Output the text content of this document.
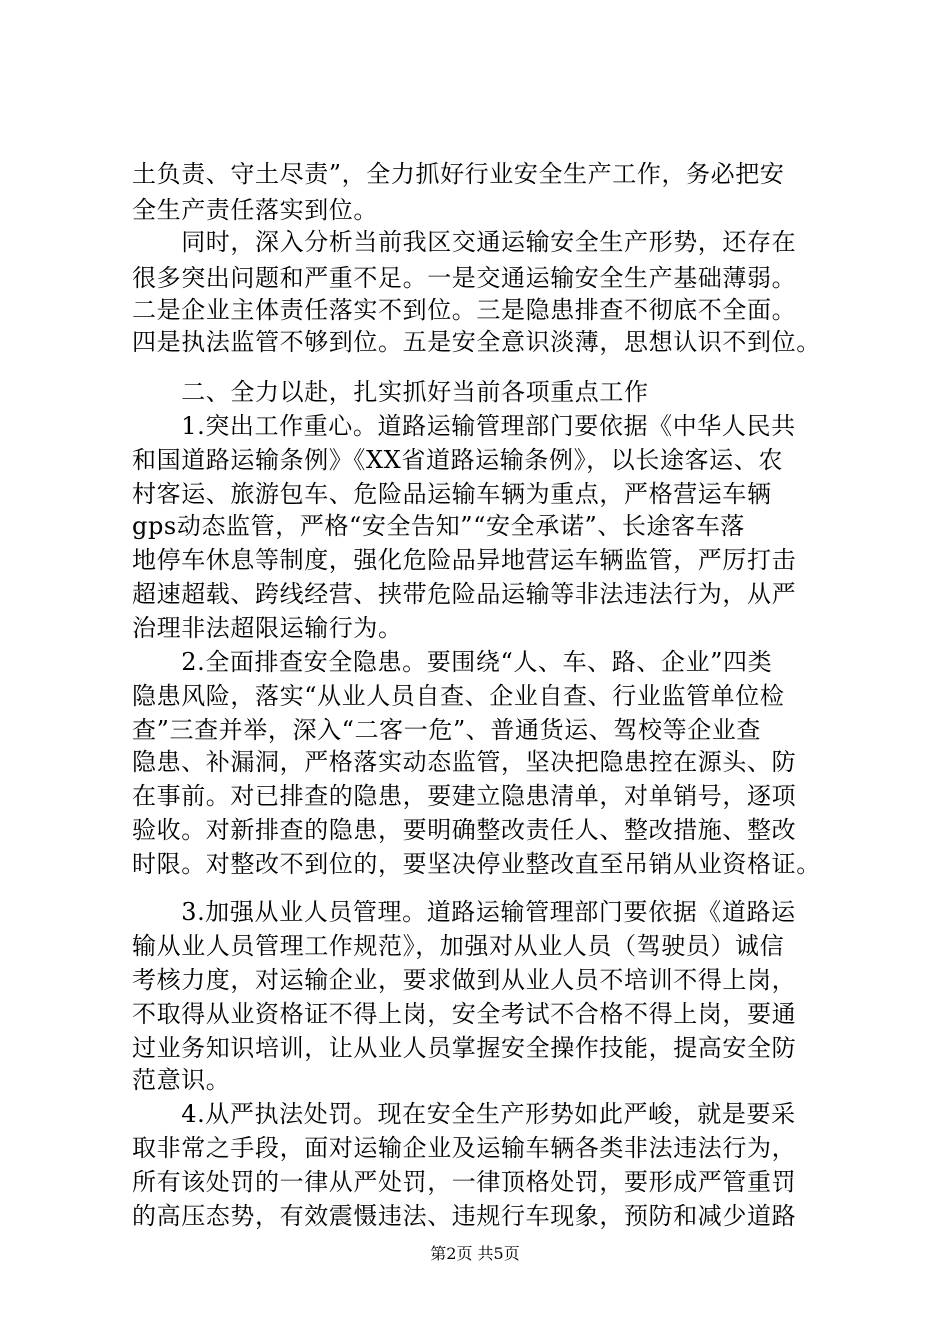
土负责、守土尽责”，全力抓好行业安全生产工作，务必把安
全生产责任落实到位。
　　同时，深入分析当前我区交通运输安全生产形势，还存在
很多突出问题和严重不足。一是交通运输安全生产基础薄弱。
二是企业主体责任落实不到位。三是隐患排查不彻底不全面。
四是执法监管不够到位。五是安全意识淡薄，思想认识不到位。
　　二、全力以赴，扎实抓好当前各项重点工作
　　1.突出工作重心。道路运输管理部门要依据《中华人民共
和国道路运输条例》《XX省道路运输条例》，以长途客运、农
村客运、旅游包车、危险品运输车辆为重点，严格营运车辆
gps动态监管，严格“安全告知”“安全承诺”、长途客车落
地停车休息等制度，强化危险品异地营运车辆监管，严厉打击
超速超载、跨线经营、挟带危险品运输等非法违法行为，从严
治理非法超限运输行为。
　　2.全面排查安全隐患。要围绕“人、车、路、企业”四类
隐患风险，落实“从业人员自查、企业自查、行业监管单位检
查”三查并举，深入“二客一危”、普通货运、驾校等企业查
隐患、补漏洞，严格落实动态监管，坚决把隐患控在源头、防
在事前。对已排查的隐患，要建立隐患清单，对单销号，逐项
验收。对新排查的隐患，要明确整改责任人、整改措施、整改
时限。对整改不到位的，要坚决停业整改直至吊销从业资格证。
　　3.加强从业人员管理。道路运输管理部门要依据《道路运
输从业人员管理工作规范》，加强对从业人员（驾驶员）诚信
考核力度，对运输企业，要求做到从业人员不培训不得上岗，
不取得从业资格证不得上岗，安全考试不合格不得上岗，要通
过业务知识培训，让从业人员掌握安全操作技能，提高安全防
范意识。
　　4.从严执法处罚。现在安全生产形势如此严峻，就是要采
取非常之手段，面对运输企业及运输车辆各类非法违法行为，
所有该处罚的一律从严处罚，一律顶格处罚，要形成严管重罚
的高压态势，有效震慑违法、违规行车现象，预防和减少道路
第2页 共5页
